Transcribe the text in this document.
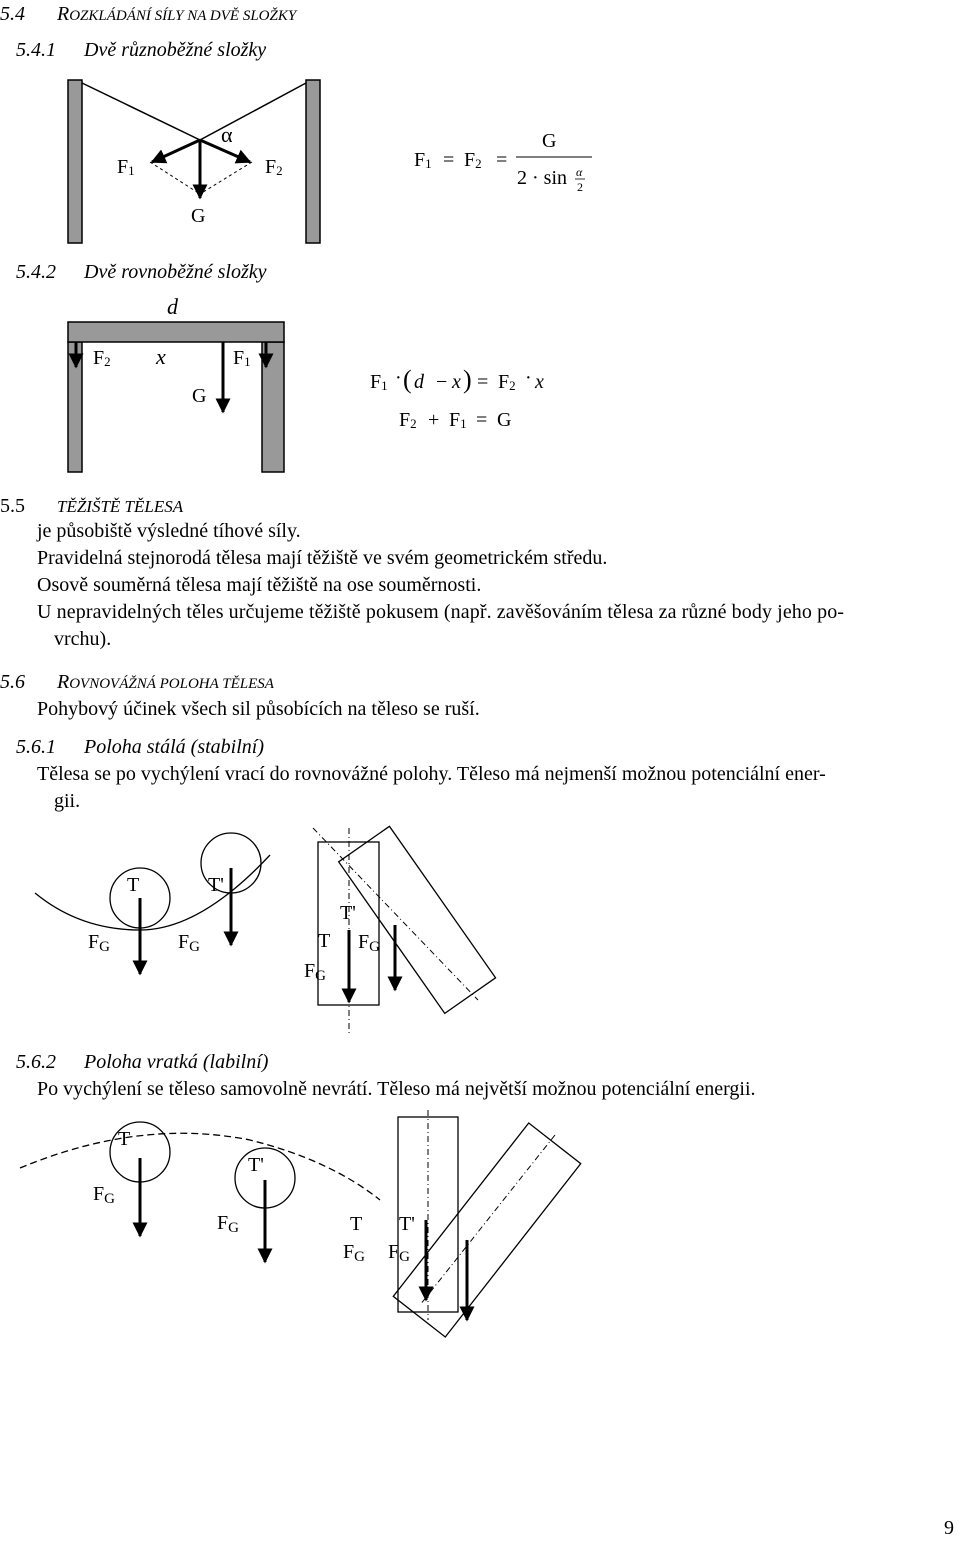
5.4 ROZKLÁDÁNÍ SÍLY NA DVĚ SLOŽKY
5.4.1 Dvě různoběžné složky
α
F1	F2
G
F1 = F2 =
G
2 · sin α
2
d
F2 x	F1
G
F1 · ( d − x ) = F2 · x
F2 + F1 = G
T	T'
FG	FG	T
T'
FG
FG
T
T'
FG
FG	T T'
FG FG
5.4.2 Dvě rovnoběžné složky
5.5 TĚŽIŠTĚ TĚLESA
je působiště výsledné tíhové síly.
Pravidelná stejnorodá tělesa mají těžiště ve svém geometrickém středu.
Osově souměrná tělesa mají těžiště na ose souměrnosti.
U nepravidelných těles určujeme těžiště pokusem (např. zavěšováním tělesa za různé body jeho po-
vrchu).
5.6 ROVNOVÁŽNÁ POLOHA TĚLESA
Pohybový účinek všech sil působících na těleso se ruší.
5.6.1 Poloha stálá (stabilní)
Tělesa se po vychýlení vrací do rovnovážné polohy. Těleso má nejmenší možnou potenciální ener-
gii.
5.6.2 Poloha vratká (labilní)
Po vychýlení se těleso samovolně nevrátí. Těleso má největší možnou potenciální energii.
9
